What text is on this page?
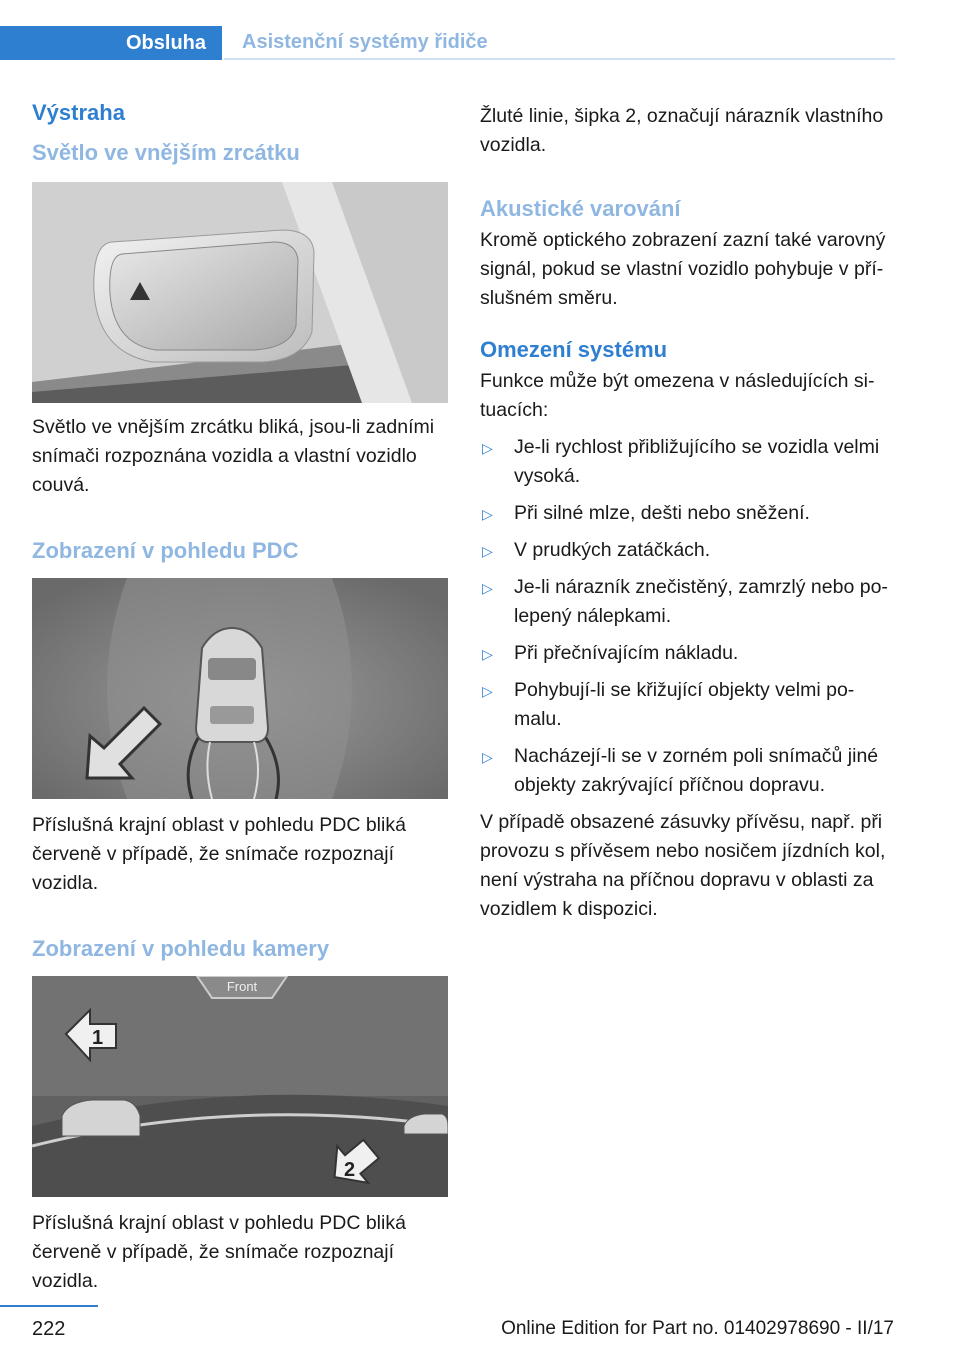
Obsluha	Asistenční systémy řidiče
Výstraha
Světlo ve vnějším zrcátku

Světlo ve vnějším zrcátku bliká, jsou-li zadními snímači rozpoznána vozidla a vlastní vozidlo couvá.

Zobrazení v pohledu PDC

Příslušná krajní oblast v pohledu PDC bliká červeně v případě, že snímače rozpoznají vozidla.

Zobrazení v pohledu kamery
Front
1
2

Příslušná krajní oblast v pohledu PDC bliká červeně v případě, že snímače rozpoznají vozidla.

Žluté linie, šipka 2, označují nárazník vlastního vozidla.

Akustické varování

Kromě optického zobrazení zazní také varovný signál, pokud se vlastní vozidlo pohybuje v příslušném směru.

Omezení systému

Funkce může být omezena v následujících situacích:

▷ Je-li rychlost přibližujícího se vozidla velmi vysoká.
▷ Při silné mlze, dešti nebo sněžení.
▷ V prudkých zatáčkách.
▷ Je-li nárazník znečistěný, zamrzlý nebo polepený nálepkami.
▷ Při přečnívajícím nákladu.
▷ Pohybují-li se křižující objekty velmi pomalu.
▷ Nacházejí-li se v zorném poli snímačů jiné objekty zakrývající příčnou dopravu.

V případě obsazené zásuvky přívěsu, např. při provozu s přívěsem nebo nosičem jízdních kol, není výstraha na příčnou dopravu v oblasti za vozidlem k dispozici.

222	Online Edition for Part no. 01402978690 - II/17
